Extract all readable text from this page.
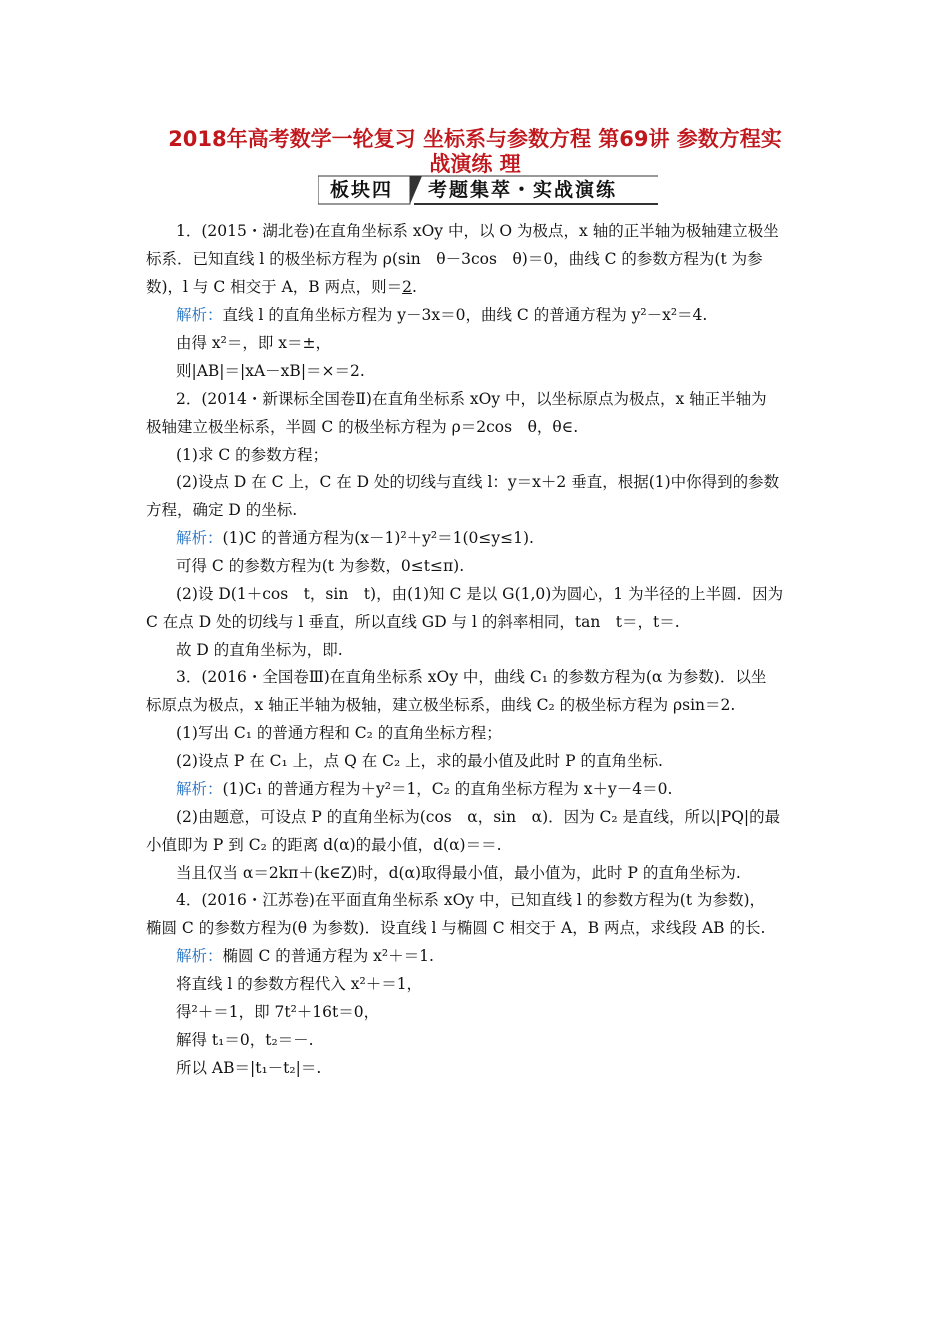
2018年高考数学一轮复习 坐标系与参数方程 第69讲 参数方程实
战演练 理
板块四 考题集萃・实战演练
1．(2015・湖北卷)在直角坐标系 xOy 中，以 O 为极点，x 轴的正半轴为极轴建立极坐
标系．已知直线 l 的极坐标方程为 ρ(sin　θ－3cos　θ)＝0，曲线 C 的参数方程为(t 为参
数)，l 与 C 相交于 A，B 两点，则＝2.
解析：直线 l 的直角坐标方程为 y－3x＝0，曲线 C 的普通方程为 y²－x²＝4.
由得 x²＝，即 x＝±，
则|AB|＝|xA－xB|＝×＝2.
2．(2014・新课标全国卷Ⅱ)在直角坐标系 xOy 中，以坐标原点为极点，x 轴正半轴为
极轴建立极坐标系，半圆 C 的极坐标方程为 ρ＝2cos　θ，θ∈.
(1)求 C 的参数方程；
(2)设点 D 在 C 上，C 在 D 处的切线与直线 l：y＝x＋2 垂直，根据(1)中你得到的参数
方程，确定 D 的坐标.
解析：(1)C 的普通方程为(x－1)²＋y²＝1(0≤y≤1).
可得 C 的参数方程为(t 为参数，0≤t≤π).
(2)设 D(1＋cos　t，sin　t)，由(1)知 C 是以 G(1,0)为圆心，1 为半径的上半圆．因为
C 在点 D 处的切线与 l 垂直，所以直线 GD 与 l 的斜率相同，tan　t＝，t＝.
故 D 的直角坐标为，即.
3．(2016・全国卷Ⅲ)在直角坐标系 xOy 中，曲线 C₁ 的参数方程为(α 为参数)．以坐
标原点为极点，x 轴正半轴为极轴，建立极坐标系，曲线 C₂ 的极坐标方程为 ρsin＝2.
(1)写出 C₁ 的普通方程和 C₂ 的直角坐标方程；
(2)设点 P 在 C₁ 上，点 Q 在 C₂ 上，求的最小值及此时 P 的直角坐标.
解析：(1)C₁ 的普通方程为＋y²＝1，C₂ 的直角坐标方程为 x＋y－4＝0.
(2)由题意，可设点 P 的直角坐标为(cos　α，sin　α)．因为 C₂ 是直线，所以|PQ|的最
小值即为 P 到 C₂ 的距离 d(α)的最小值，d(α)＝＝.
当且仅当 α＝2kπ＋(k∈Z)时，d(α)取得最小值，最小值为，此时 P 的直角坐标为.
4．(2016・江苏卷)在平面直角坐标系 xOy 中，已知直线 l 的参数方程为(t 为参数)，
椭圆 C 的参数方程为(θ 为参数)．设直线 l 与椭圆 C 相交于 A，B 两点，求线段 AB 的长.
解析：椭圆 C 的普通方程为 x²＋＝1.
将直线 l 的参数方程代入 x²＋＝1，
得²＋＝1，即 7t²＋16t＝0，
解得 t₁＝0，t₂＝－.
所以 AB＝|t₁－t₂|＝.
